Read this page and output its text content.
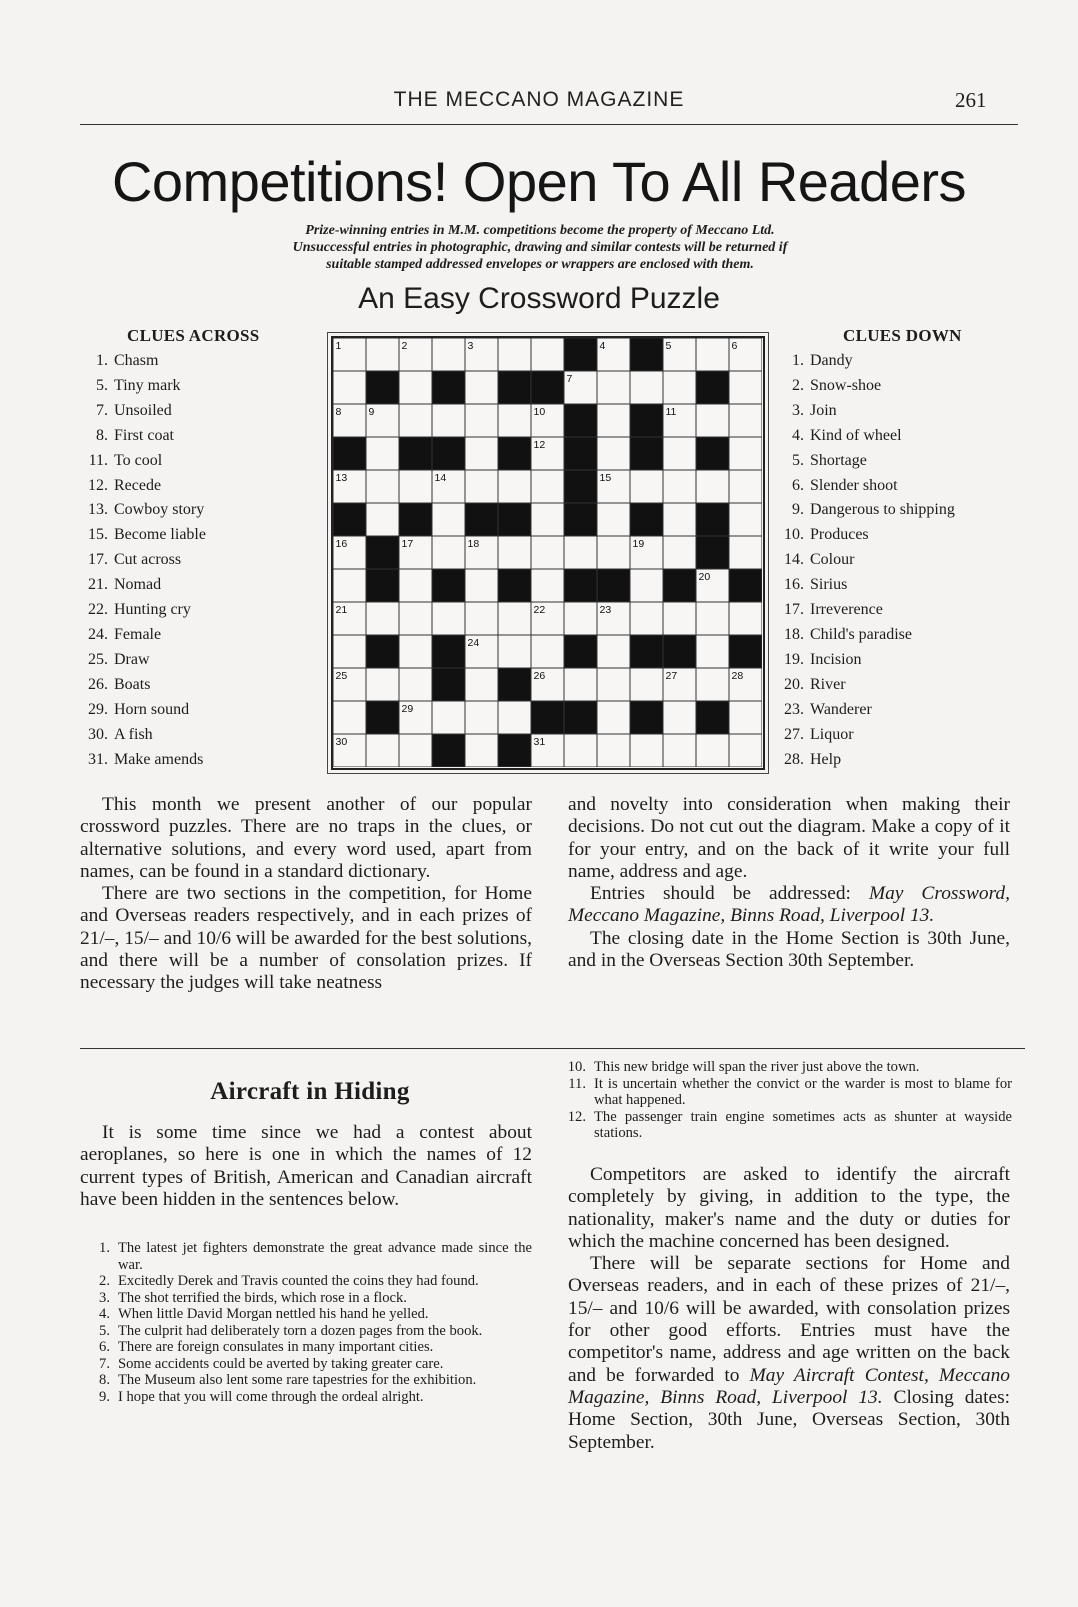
THE MECCANO MAGAZINE	261
Competitions! Open To All Readers
Prize-winning entries in M.M. competitions become the property of Meccano Ltd.
Unsuccessful entries in photographic, drawing and similar contests will be returned if
suitable stamped addressed envelopes or wrappers are enclosed with them.
An Easy Crossword Puzzle
CLUES ACROSS
1. Chasm
5. Tiny mark
7. Unsoiled
8. First coat
11. To cool
12. Recede
13. Cowboy story
15. Become liable
17. Cut across
21. Nomad
22. Hunting cry
24. Female
25. Draw
26. Boats
29. Horn sound
30. A fish
31. Make amends
CLUES DOWN
1. Dandy
2. Snow-shoe
3. Join
4. Kind of wheel
5. Shortage
6. Slender shoot
9. Dangerous to shipping
10. Produces
14. Colour
16. Sirius
17. Irreverence
18. Child's paradise
19. Incision
20. River
23. Wanderer
27. Liquor
28. Help
1	2	3	4	5	6
7
8	9	10	11
12
13	14	15
16	17	18	19
20
21	22	23
24
25	26	27	28
29
30	31

This month we present another of our popular crossword puzzles. There are no traps in the clues, or alternative solutions, and every word used, apart from names, can be found in a standard dictionary.

There are two sections in the competition, for Home and Overseas readers respectively, and in each prizes of 21/–, 15/– and 10/6 will be awarded for the best solutions, and there will be a number of consolation prizes. If necessary the judges will take neatness

and novelty into consideration when making their decisions. Do not cut out the diagram. Make a copy of it for your entry, and on the back of it write your full name, address and age.

Entries should be addressed: May Crossword, Meccano Magazine, Binns Road, Liverpool 13.

The closing date in the Home Section is 30th June, and in the Overseas Section 30th September.

Aircraft in Hiding

It is some time since we had a contest about aeroplanes, so here is one in which the names of 12 current types of British, American and Canadian aircraft have been hidden in the sentences below.

1. The latest jet fighters demonstrate the great advance made since the war.
2. Excitedly Derek and Travis counted the coins they had found.
3. The shot terrified the birds, which rose in a flock.
4. When little David Morgan nettled his hand he yelled.
5. The culprit had deliberately torn a dozen pages from the book.
6. There are foreign consulates in many important cities.
7. Some accidents could be averted by taking greater care.
8. The Museum also lent some rare tapestries for the exhibition.
9. I hope that you will come through the ordeal alright.
10. This new bridge will span the river just above the town.
11. It is uncertain whether the convict or the warder is most to blame for what happened.
12. The passenger train engine sometimes acts as shunter at wayside stations.

Competitors are asked to identify the aircraft completely by giving, in addition to the type, the nationality, maker's name and the duty or duties for which the machine concerned has been designed.

There will be separate sections for Home and Overseas readers, and in each of these prizes of 21/–, 15/– and 10/6 will be awarded, with consolation prizes for other good efforts. Entries must have the competitor's name, address and age written on the back and be forwarded to May Aircraft Contest, Meccano Magazine, Binns Road, Liverpool 13. Closing dates: Home Section, 30th June, Overseas Section, 30th September.
